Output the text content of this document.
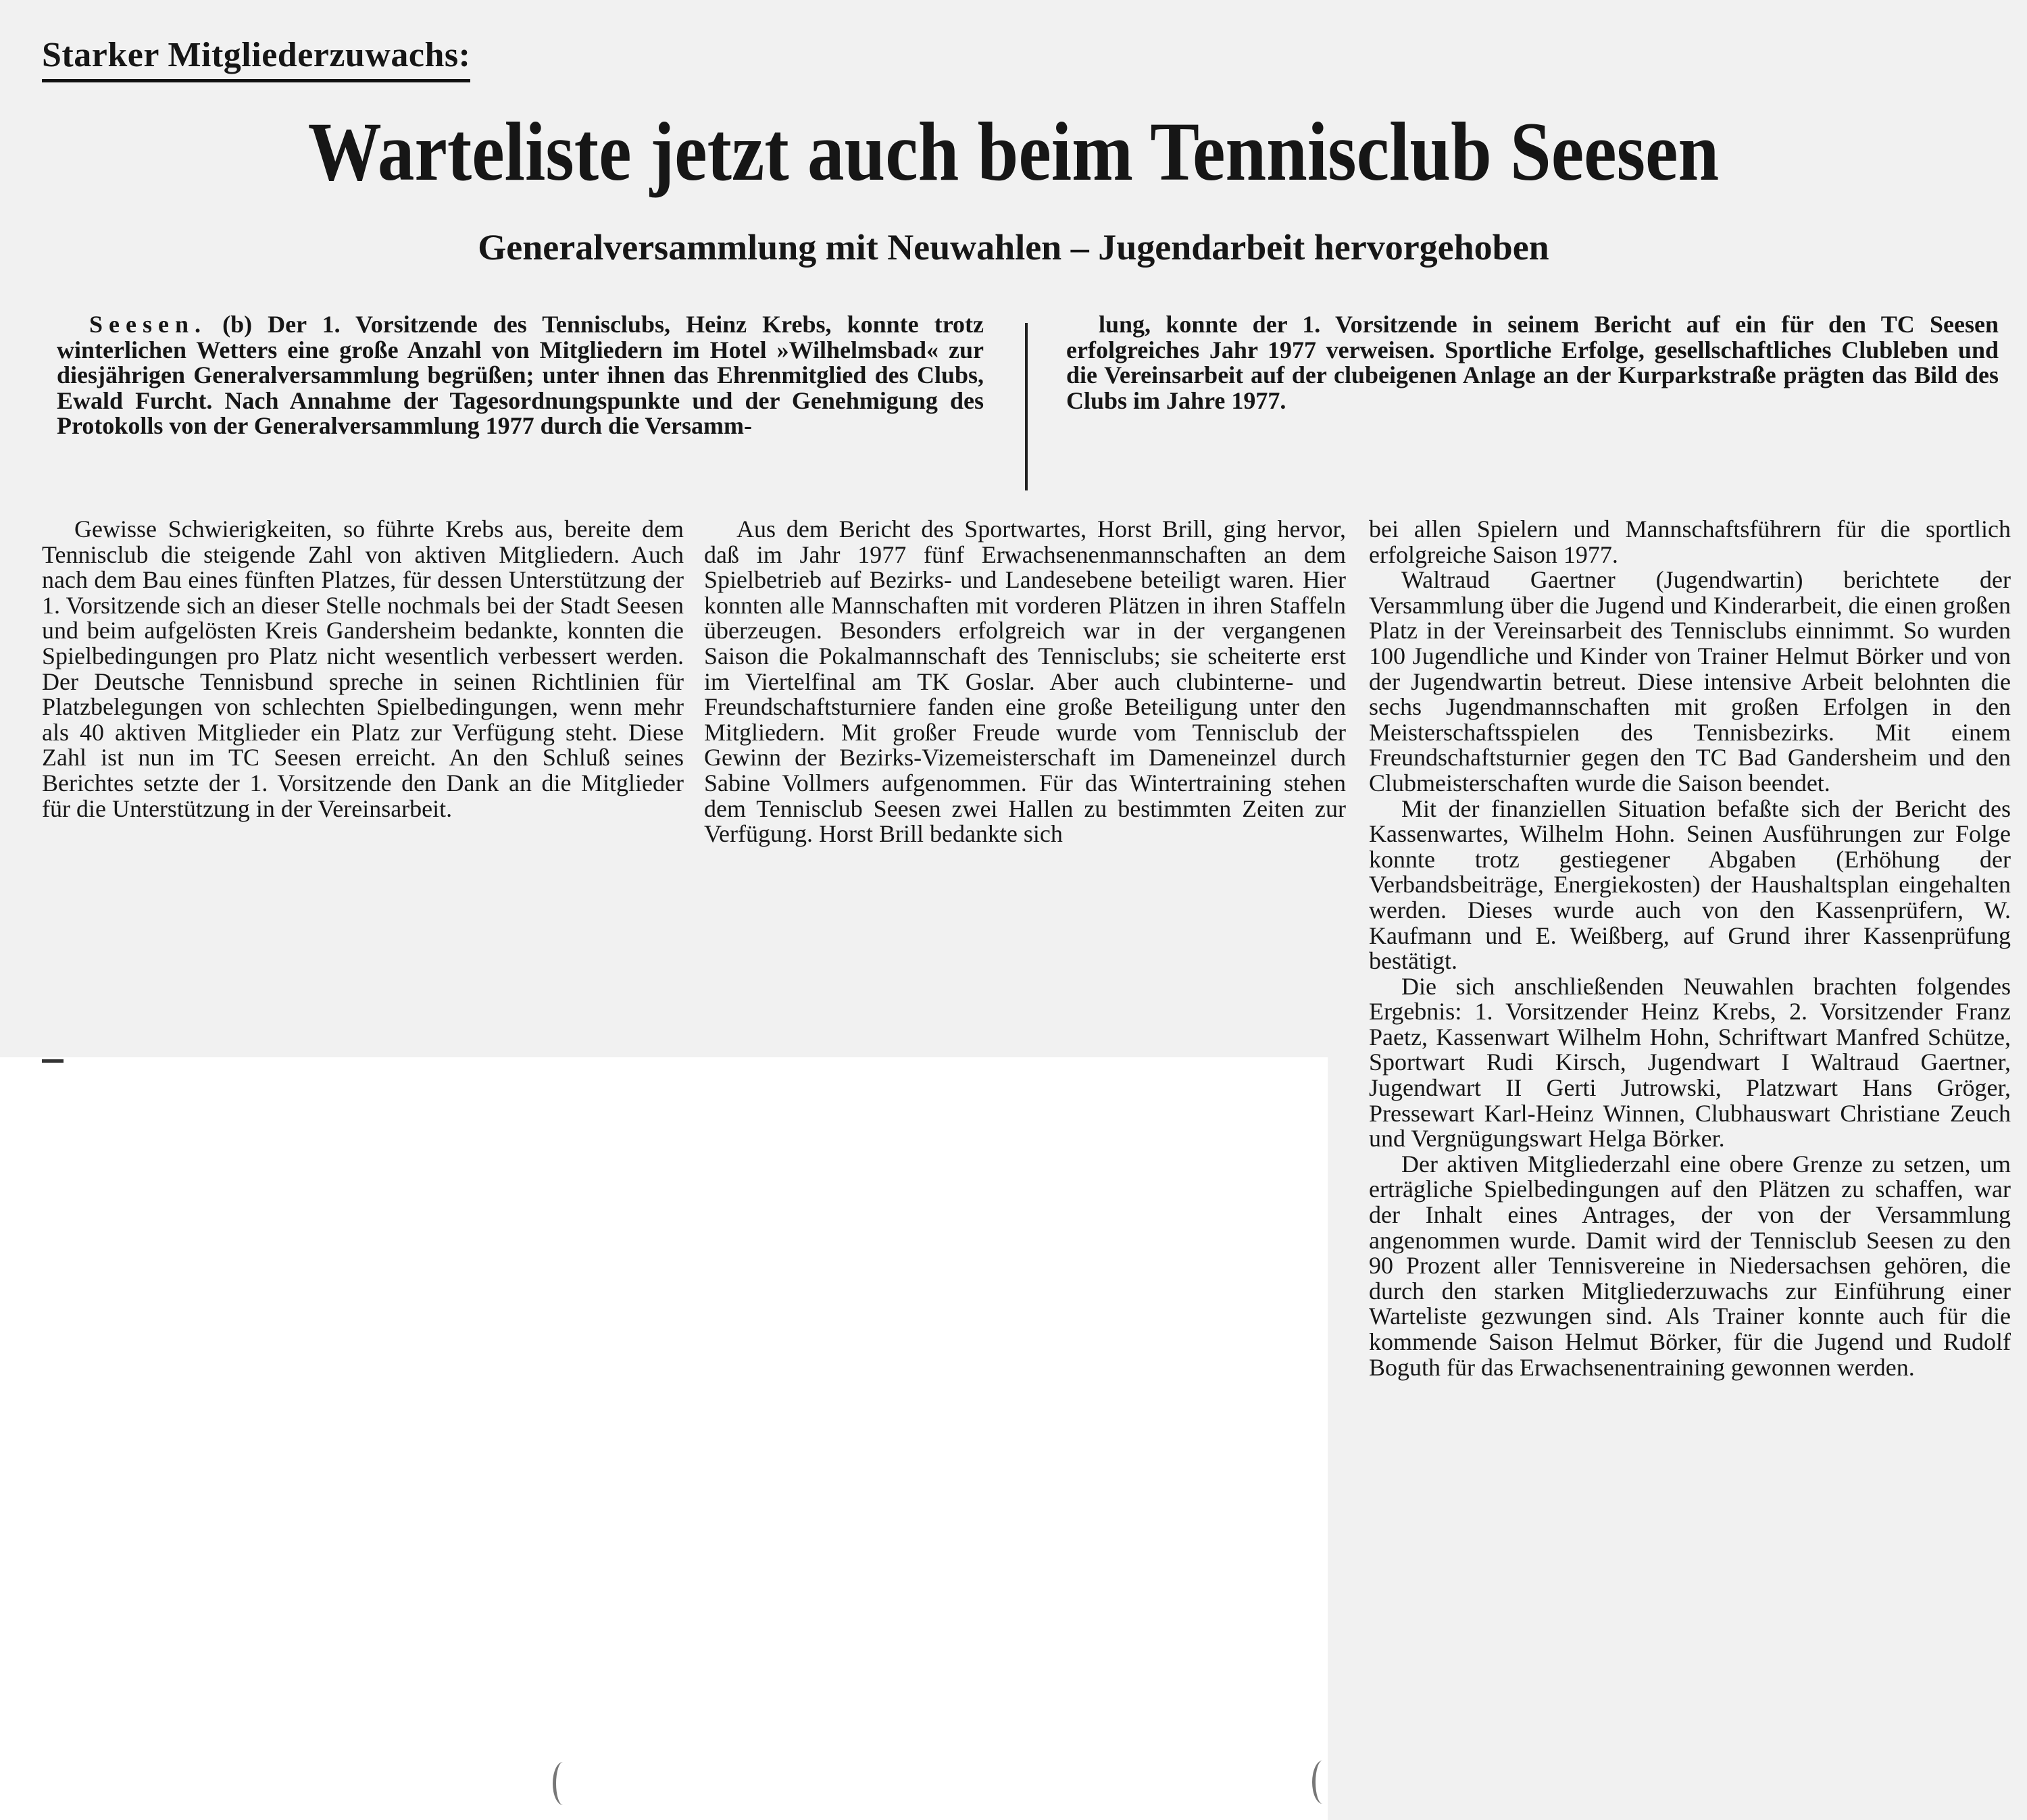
Starker Mitgliederzuwachs:
Warteliste jetzt auch beim Tennisclub Seesen
Generalversammlung mit Neuwahlen – Jugendarbeit hervorgehoben

Seesen. (b) Der 1. Vorsitzende des Tennisclubs, Heinz Krebs, konnte trotz winterlichen Wetters eine große Anzahl von Mitgliedern im Hotel »Wilhelmsbad« zur diesjährigen Generalversammlung begrüßen; unter ihnen das Ehrenmitglied des Clubs, Ewald Furcht. Nach Annahme der Tagesordnungspunkte und der Genehmigung des Protokolls von der Generalversammlung 1977 durch die Versamm-

lung, konnte der 1. Vorsitzende in seinem Bericht auf ein für den TC Seesen erfolgreiches Jahr 1977 verweisen. Sportliche Erfolge, gesellschaftliches Clubleben und die Vereinsarbeit auf der clubeigenen Anlage an der Kurparkstraße prägten das Bild des Clubs im Jahre 1977.

Gewisse Schwierigkeiten, so führte Krebs aus, bereite dem Tennisclub die steigende Zahl von aktiven Mitgliedern. Auch nach dem Bau eines fünften Platzes, für dessen Unterstützung der 1. Vorsitzende sich an dieser Stelle nochmals bei der Stadt Seesen und beim aufgelösten Kreis Gandersheim bedankte, konnten die Spielbedingungen pro Platz nicht wesentlich verbessert werden. Der Deutsche Tennisbund spreche in seinen Richtlinien für Platzbelegungen von schlechten Spielbedingungen, wenn mehr als 40 aktiven Mitglieder ein Platz zur Verfügung steht. Diese Zahl ist nun im TC Seesen erreicht. An den Schluß seines Berichtes setzte der 1. Vorsitzende den Dank an die Mitglieder für die Unterstützung in der Vereinsarbeit.

Aus dem Bericht des Sportwartes, Horst Brill, ging hervor, daß im Jahr 1977 fünf Erwachsenenmannschaften an dem Spielbetrieb auf Bezirks- und Landesebene beteiligt waren. Hier konnten alle Mannschaften mit vorderen Plätzen in ihren Staffeln überzeugen. Besonders erfolgreich war in der vergangenen Saison die Pokalmannschaft des Tennisclubs; sie scheiterte erst im Viertelfinal am TK Goslar. Aber auch clubinterne- und Freundschaftsturniere fanden eine große Beteiligung unter den Mitgliedern. Mit großer Freude wurde vom Tennisclub der Gewinn der Bezirks-Vizemeisterschaft im Dameneinzel durch Sabine Vollmers aufgenommen. Für das Wintertraining stehen dem Tennisclub Seesen zwei Hallen zu bestimmten Zeiten zur Verfügung. Horst Brill bedankte sich

bei allen Spielern und Mannschaftsführern für die sportlich erfolgreiche Saison 1977.

Waltraud Gaertner (Jugendwartin) berichtete der Versammlung über die Jugend und Kinderarbeit, die einen großen Platz in der Vereinsarbeit des Tennisclubs einnimmt. So wurden 100 Jugendliche und Kinder von Trainer Helmut Börker und von der Jugendwartin betreut. Diese intensive Arbeit belohnten die sechs Jugendmannschaften mit großen Erfolgen in den Meisterschaftsspielen des Tennisbezirks. Mit einem Freundschaftsturnier gegen den TC Bad Gandersheim und den Clubmeisterschaften wurde die Saison beendet.

Mit der finanziellen Situation befaßte sich der Bericht des Kassenwartes, Wilhelm Hohn. Seinen Ausführungen zur Folge konnte trotz gestiegener Abgaben (Erhöhung der Verbandsbeiträge, Energiekosten) der Haushaltsplan eingehalten werden. Dieses wurde auch von den Kassenprüfern, W. Kaufmann und E. Weißberg, auf Grund ihrer Kassenprüfung bestätigt.

Die sich anschließenden Neuwahlen brachten folgendes Ergebnis: 1. Vorsitzender Heinz Krebs, 2. Vorsitzender Franz Paetz, Kassenwart Wilhelm Hohn, Schriftwart Manfred Schütze, Sportwart Rudi Kirsch, Jugendwart I Waltraud Gaertner, Jugendwart II Gerti Jutrowski, Platzwart Hans Gröger, Pressewart Karl-Heinz Winnen, Clubhauswart Christiane Zeuch und Vergnügungswart Helga Börker.

Der aktiven Mitgliederzahl eine obere Grenze zu setzen, um erträgliche Spielbedingungen auf den Plätzen zu schaffen, war der Inhalt eines Antrages, der von der Versammlung angenommen wurde. Damit wird der Tennisclub Seesen zu den 90 Prozent aller Tennisvereine in Niedersachsen gehören, die durch den starken Mitgliederzuwachs zur Einführung einer Warteliste gezwungen sind. Als Trainer konnte auch für die kommende Saison Helmut Börker, für die Jugend und Rudolf Boguth für das Erwachsenentraining gewonnen werden.
